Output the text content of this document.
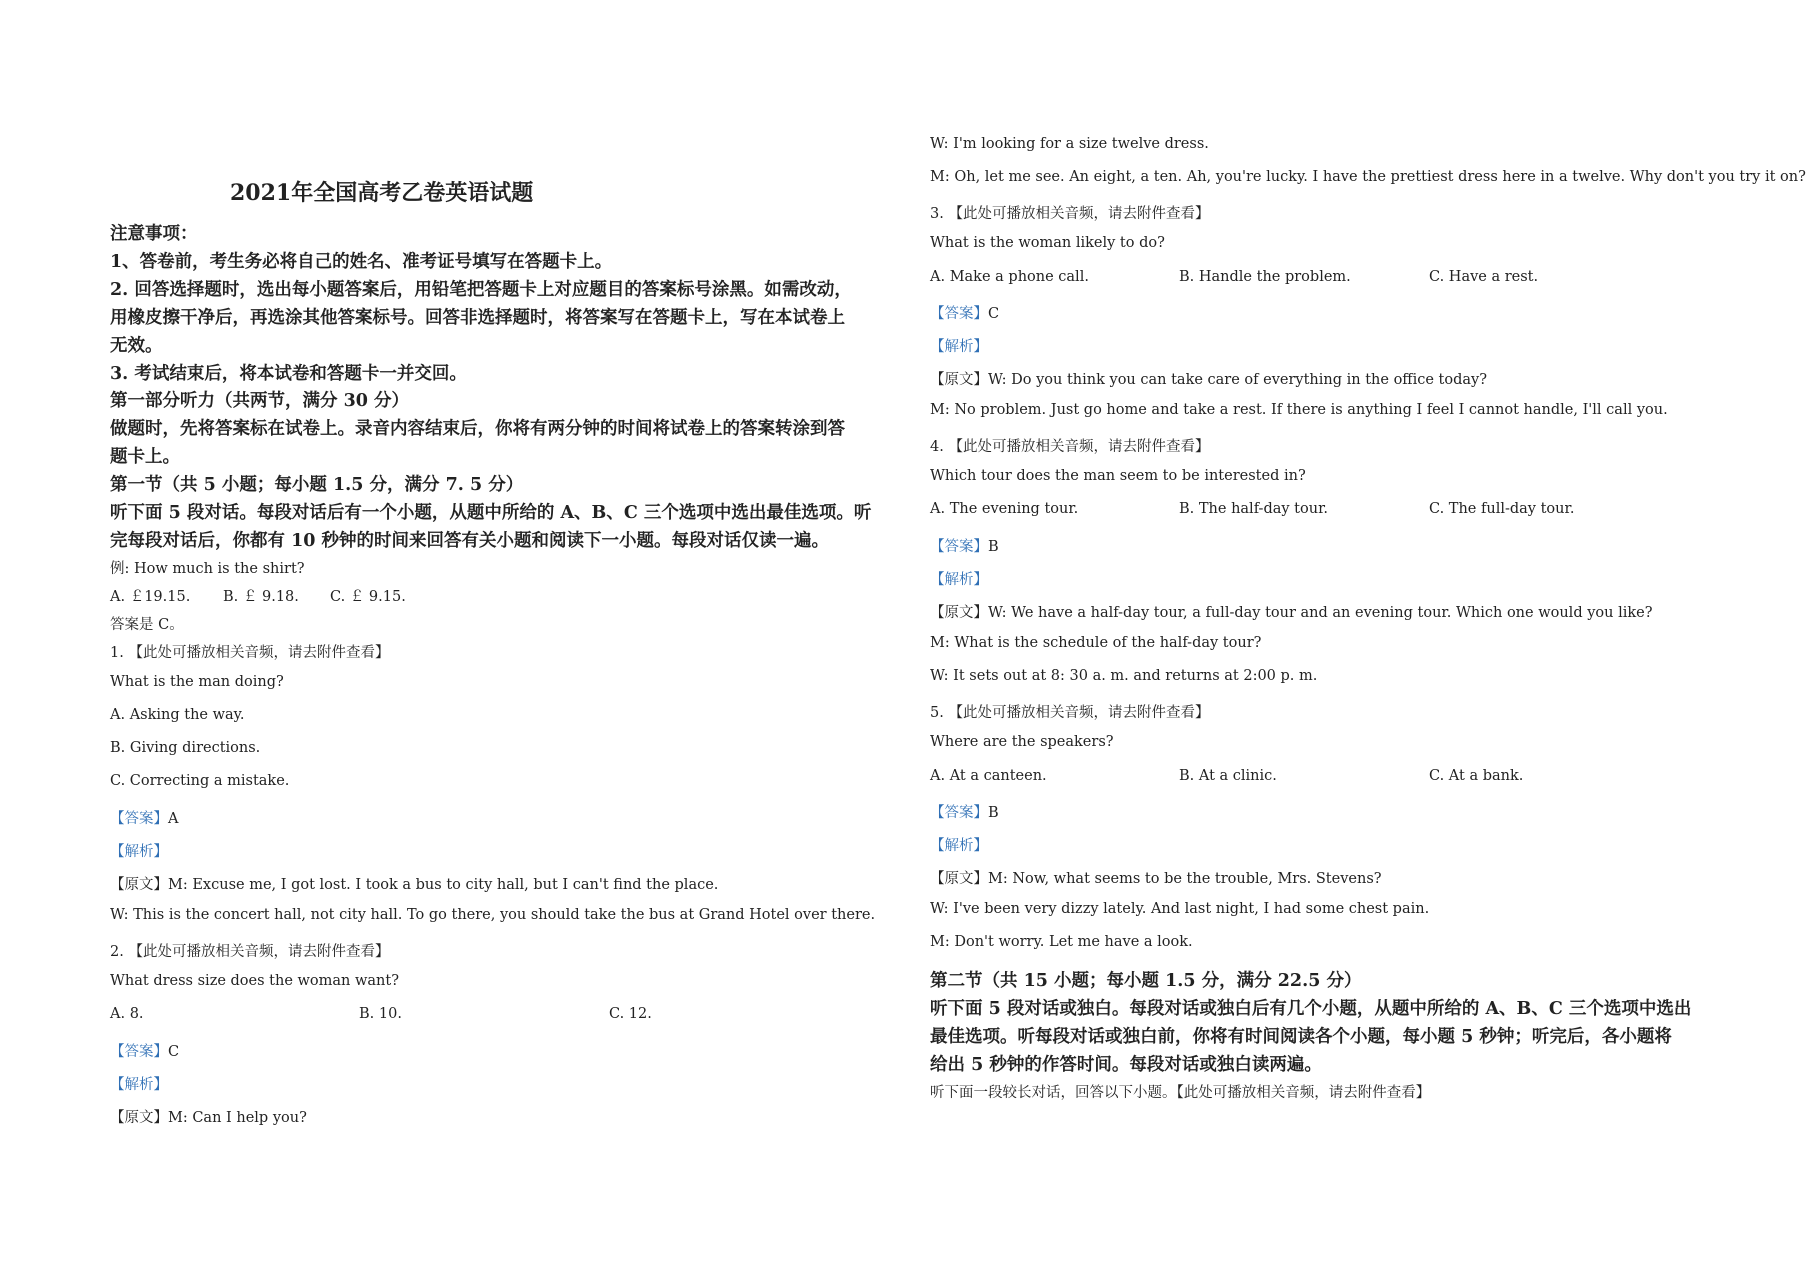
2021年全国高考乙卷英语试题
注意事项：
1、答卷前，考生务必将自己的姓名、准考证号填写在答题卡上。
2. 回答选择题时，选出每小题答案后，用铅笔把答题卡上对应题目的答案标号涂黑。如需改动，
用橡皮擦干净后，再选涂其他答案标号。回答非选择题时，将答案写在答题卡上，写在本试卷上
无效。
3. 考试结束后，将本试卷和答题卡一并交回。
第一部分听力（共两节，满分 30 分）
做题时，先将答案标在试卷上。录音内容结束后，你将有两分钟的时间将试卷上的答案转涂到答
题卡上。
第一节（共 5 小题；每小题 1.5 分，满分 7. 5 分）
听下面 5 段对话。每段对话后有一个小题，从题中所给的 A、B、C 三个选项中选出最佳选项。听
完每段对话后，你都有 10 秒钟的时间来回答有关小题和阅读下一小题。每段对话仅读一遍。
例: How much is the shirt?
A. ￡19.15. B. ￡ 9.18. C. ￡ 9.15.
答案是 C。
1. 【此处可播放相关音频，请去附件查看】
What is the man doing?
A. Asking the way.
B. Giving directions.
C. Correcting a mistake.
【答案】A
【解析】
【原文】M: Excuse me, I got lost. I took a bus to city hall, but I can't find the place.
W: This is the concert hall, not city hall. To go there, you should take the bus at Grand Hotel over there.
2. 【此处可播放相关音频，请去附件查看】
What dress size does the woman want?
A. 8.	B. 10.	C. 12.
【答案】C
【解析】
【原文】M: Can I help you?
W: I'm looking for a size twelve dress.
M: Oh, let me see. An eight, a ten. Ah, you're lucky. I have the prettiest dress here in a twelve. Why don't you try it on?
3. 【此处可播放相关音频，请去附件查看】
What is the woman likely to do?
A. Make a phone call.	B. Handle the problem.	C. Have a rest.
【答案】C
【解析】
【原文】W: Do you think you can take care of everything in the office today?
M: No problem. Just go home and take a rest. If there is anything I feel I cannot handle, I'll call you.
4. 【此处可播放相关音频，请去附件查看】
Which tour does the man seem to be interested in?
A. The evening tour.	B. The half-day tour.	C. The full-day tour.
【答案】B
【解析】
【原文】W: We have a half-day tour, a full-day tour and an evening tour. Which one would you like?
M: What is the schedule of the half-day tour?
W: It sets out at 8: 30 a. m. and returns at 2:00 p. m.
5. 【此处可播放相关音频，请去附件查看】
Where are the speakers?
A. At a canteen.	B. At a clinic.	C. At a bank.
【答案】B
【解析】
【原文】M: Now, what seems to be the trouble, Mrs. Stevens?
W: I've been very dizzy lately. And last night, I had some chest pain.
M: Don't worry. Let me have a look.
第二节（共 15 小题；每小题 1.5 分，满分 22.5 分）
听下面 5 段对话或独白。每段对话或独白后有几个小题，从题中所给的 A、B、C 三个选项中选出
最佳选项。听每段对话或独白前，你将有时间阅读各个小题，每小题 5 秒钟；听完后，各小题将
给出 5 秒钟的作答时间。每段对话或独白读两遍。
听下面一段较长对话，回答以下小题。【此处可播放相关音频，请去附件查看】
